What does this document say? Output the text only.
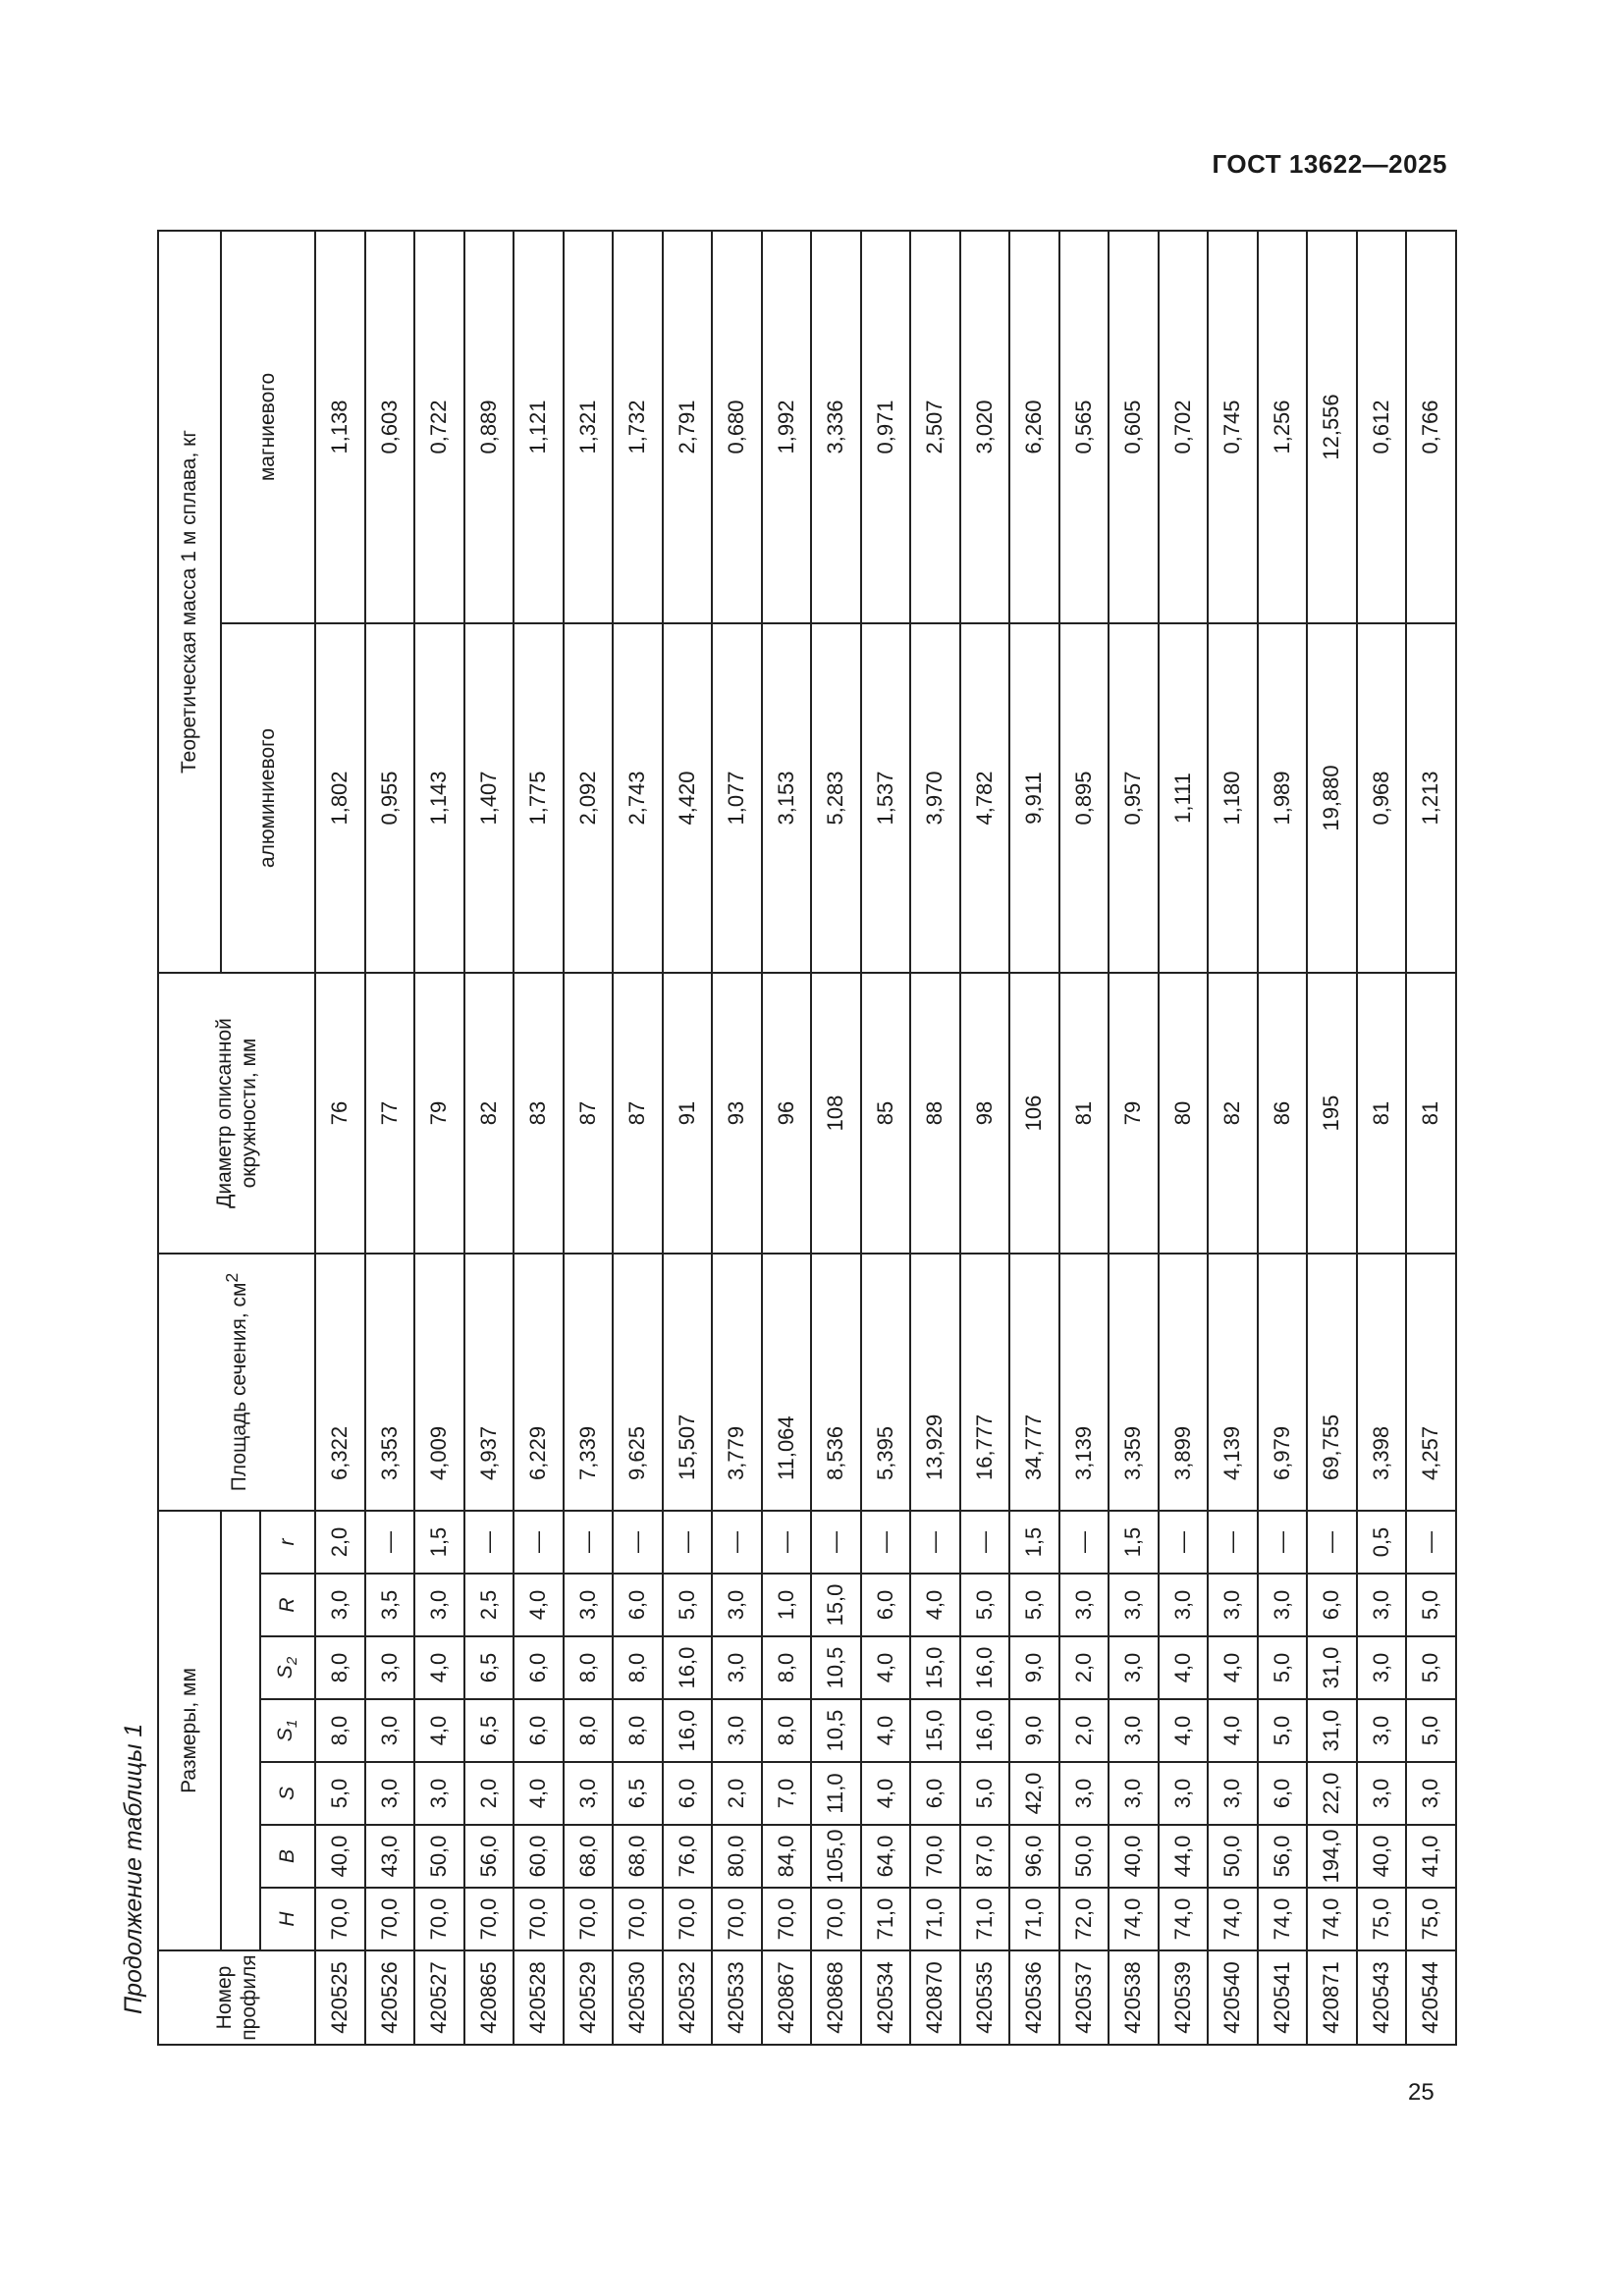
ГОСТ 13622—2025
Продолжение таблицы 1	Номер профиля	Размеры, мм							Площадь сечения, $см^2$	Диаметр описанной окружности, мм	Теоретическая масса 1 м сплава, кг	
										алюминиевого	магниевого
	H	B	S	$S_1$	$S_2$	R	r				
420525	70,0	40,0	5,0	8,0	8,0	3,0	2,0	6,322	76	1,802	1,138
420526	70,0	43,0	3,0	3,0	3,0	3,5	—	3,353	77	0,955	0,603
420527	70,0	50,0	3,0	4,0	4,0	3,0	1,5	4,009	79	1,143	0,722
420865	70,0	56,0	2,0	6,5	6,5	2,5	—	4,937	82	1,407	0,889
420528	70,0	60,0	4,0	6,0	6,0	4,0	—	6,229	83	1,775	1,121
420529	70,0	68,0	3,0	8,0	8,0	3,0	—	7,339	87	2,092	1,321
420530	70,0	68,0	6,5	8,0	8,0	6,0	—	9,625	87	2,743	1,732
420532	70,0	76,0	6,0	16,0	16,0	5,0	—	15,507	91	4,420	2,791
420533	70,0	80,0	2,0	3,0	3,0	3,0	—	3,779	93	1,077	0,680
420867	70,0	84,0	7,0	8,0	8,0	1,0	—	11,064	96	3,153	1,992
420868	70,0	105,0	11,0	10,5	10,5	15,0	—	8,536	108	5,283	3,336
420534	71,0	64,0	4,0	4,0	4,0	6,0	—	5,395	85	1,537	0,971
420870	71,0	70,0	6,0	15,0	15,0	4,0	—	13,929	88	3,970	2,507
420535	71,0	87,0	5,0	16,0	16,0	5,0	—	16,777	98	4,782	3,020
420536	71,0	96,0	42,0	9,0	9,0	5,0	1,5	34,777	106	9,911	6,260
420537	72,0	50,0	3,0	2,0	2,0	3,0	—	3,139	81	0,895	0,565
420538	74,0	40,0	3,0	3,0	3,0	3,0	1,5	3,359	79	0,957	0,605
420539	74,0	44,0	3,0	4,0	4,0	3,0	—	3,899	80	1,111	0,702
420540	74,0	50,0	3,0	4,0	4,0	3,0	—	4,139	82	1,180	0,745
420541	74,0	56,0	6,0	5,0	5,0	3,0	—	6,979	86	1,989	1,256
420871	74,0	194,0	22,0	31,0	31,0	6,0	—	69,755	195	19,880	12,556
420543	75,0	40,0	3,0	3,0	3,0	3,0	0,5	3,398	81	0,968	0,612
420544	75,0	41,0	3,0	5,0	5,0	5,0	—	4,257	81	1,213	0,766
25
